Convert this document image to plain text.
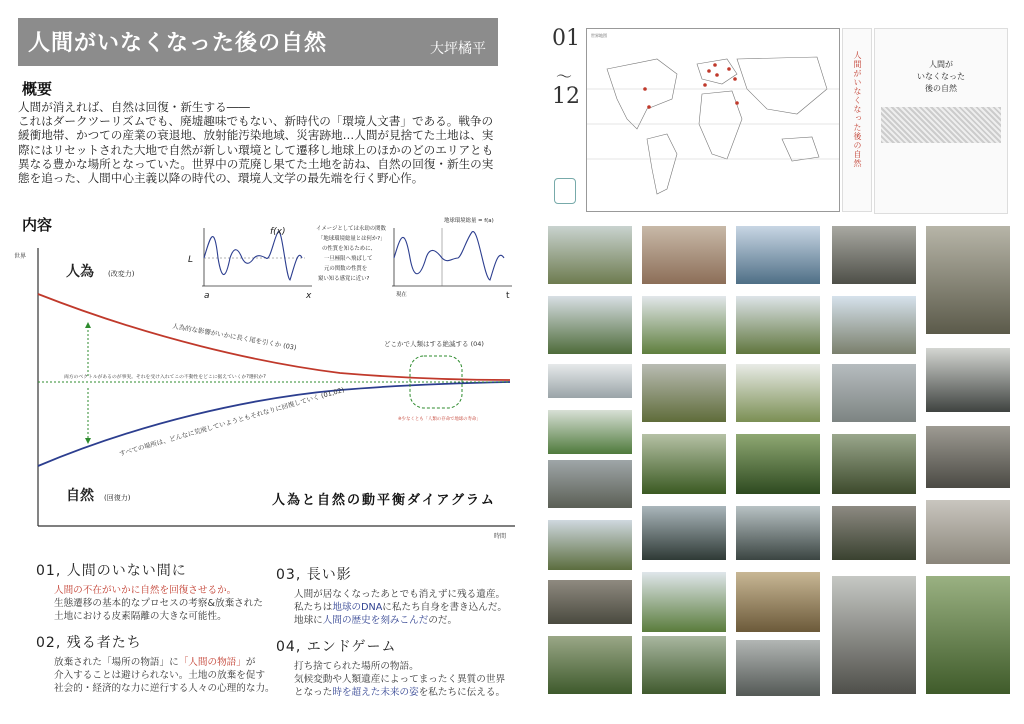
人間がいなくなった後の自然	大坪橘平
概要

人間が消えれば、自然は回復・新生する――

これはダークツーリズムでも、廃墟趣味でもない、新時代の「環境人文書」である。戦争の緩衝地帯、かつての産業の衰退地、放射能汚染地域、災害跡地…人間が見捨てた土地は、実際にはリセットされた大地で自然が新しい環境として遷移し地球上のほかのどのエリアとも異なる豊かな場所となっていた。世界中の荒廃し果てた土地を訪ね、自然の回復・新生の実態を追った、人間中心主義以降の時代の、環境人文学の最先端を行く野心作。

内容
世界
時間
人為 (改変力)
自然 (回復力)
人為的な影響がいかに長く尾を引くか (03)
すべての場所は、どんなに荒廃していようともそれなりに回復していく (01,02)
両方のベクトルがあるのが事実。それを受け入れてこの不動性をどこに据えていくか?選択か?
どこかで人類はする絶滅する (04)
※少なくとも「人類の存命で地球の寿命」
人為と自然の動平衡ダイアグラム
L
f(x)
a	x
イメージとしては永劫の関数
「地球環境総量とは何か?」
の性質を知るために、
一旦極限へ飛ばして
元の関数の性質を
窺い知る感覚に近い?
地球環境総量 = f(a)
現在	t
01, 人間のいない間に
人間の不在がいかに自然を回復させるか。
生態遷移の基本的なプロセスの考察&放棄された
土地における皮素隔離の大きな可能性。
02, 残る者たち
放棄された「場所の物語」に「人間の物語」が
介入することは避けられない。土地の放棄を促す
社会的・経済的な力に逆行する人々の心理的な力。
03, 長い影
人間が居なくなったあとでも消えずに残る遺産。
私たちは地球のDNAに私たち自身を書き込んだ。
地球に人間の歴史を刻みこんだのだ。
04, エンドゲーム
打ち捨てられた場所の物語。
気候変動や人類遺産によってまったく異質の世界
となった時を超えた未来の姿を私たちに伝える。
01
〜
12
世界地図
人間がいなくなった後の自然	人間が
いなくなった
後の自然
